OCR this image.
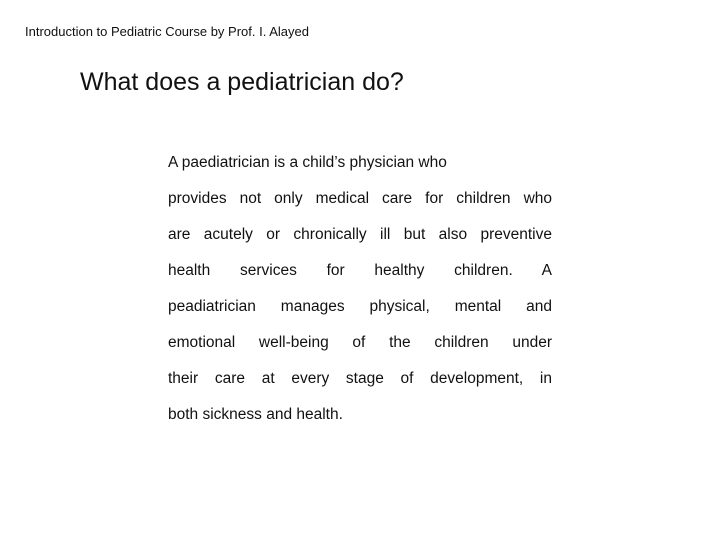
Introduction to Pediatric Course by Prof. I. Alayed
What does a pediatrician do?
A paediatrician is a child’s physician who
provides not only medical care for children who
are acutely or chronically ill but also preventive
health services for healthy children. A
peadiatrician manages physical, mental and
emotional well-being of the children under
their care at every stage of development, in
both sickness and health.
